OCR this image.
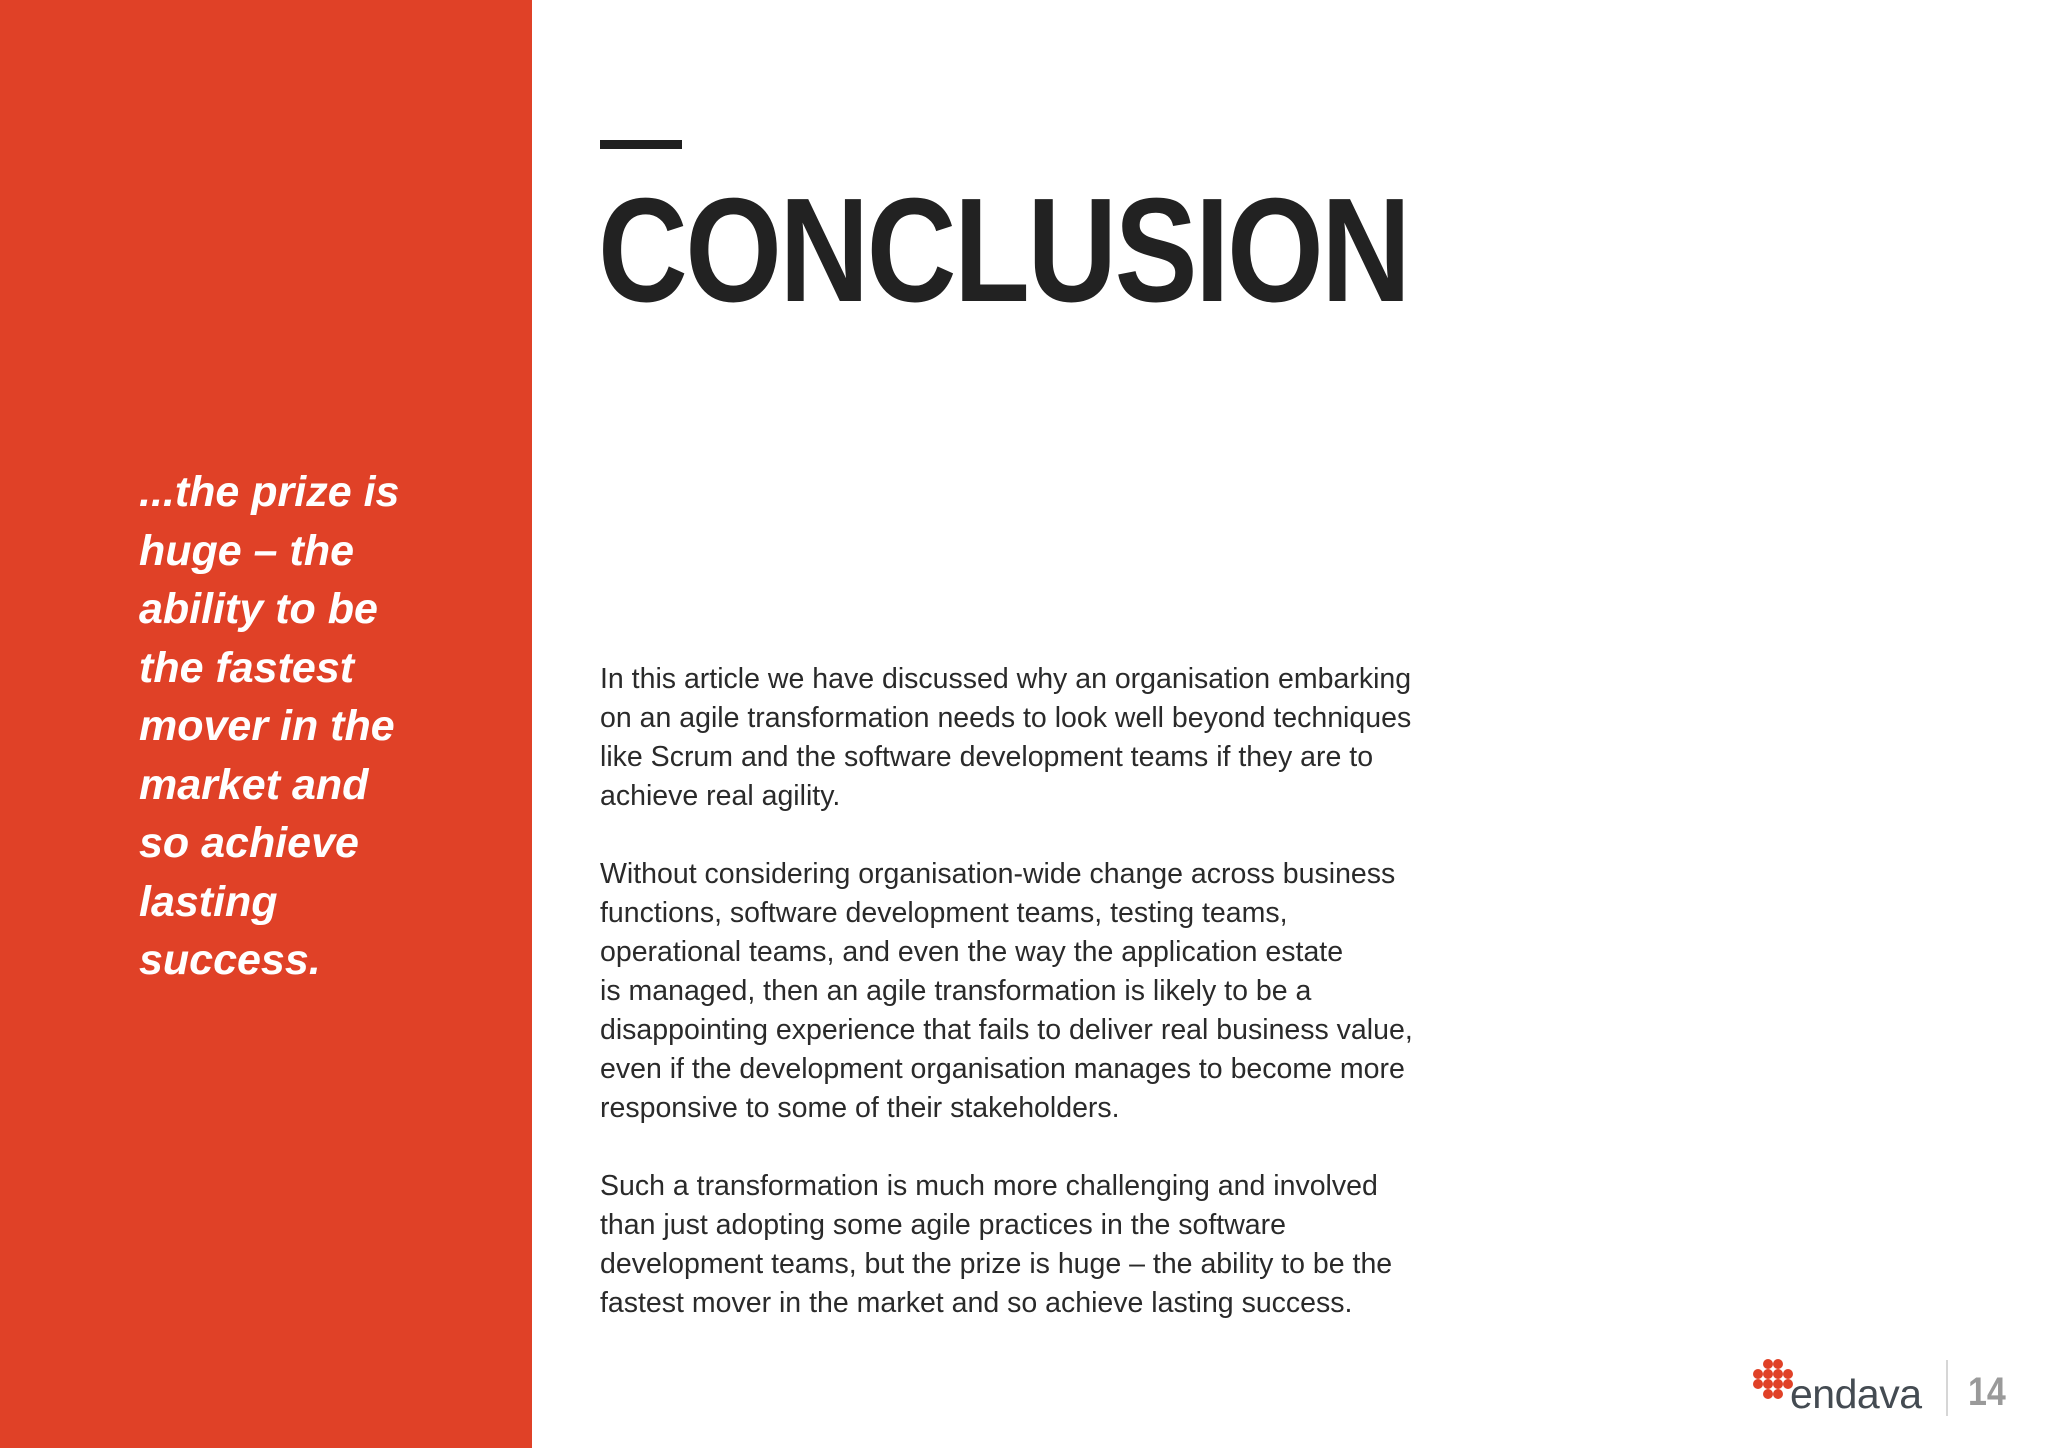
...the prize is
huge – the
ability to be
the fastest
mover in the
market and
so achieve
lasting
success.

CONCLUSION

In this article we have discussed why an organisation embarking
on an agile transformation needs to look well beyond techniques
like Scrum and the software development teams if they are to
achieve real agility.

Without considering organisation-wide change across business
functions, software development teams, testing teams,
operational teams, and even the way the application estate
is managed, then an agile transformation is likely to be a
disappointing experience that fails to deliver real business value,
even if the development organisation manages to become more
responsive to some of their stakeholders.

Such a transformation is much more challenging and involved
than just adopting some agile practices in the software
development teams, but the prize is huge – the ability to be the
fastest mover in the market and so achieve lasting success.

endava 14
